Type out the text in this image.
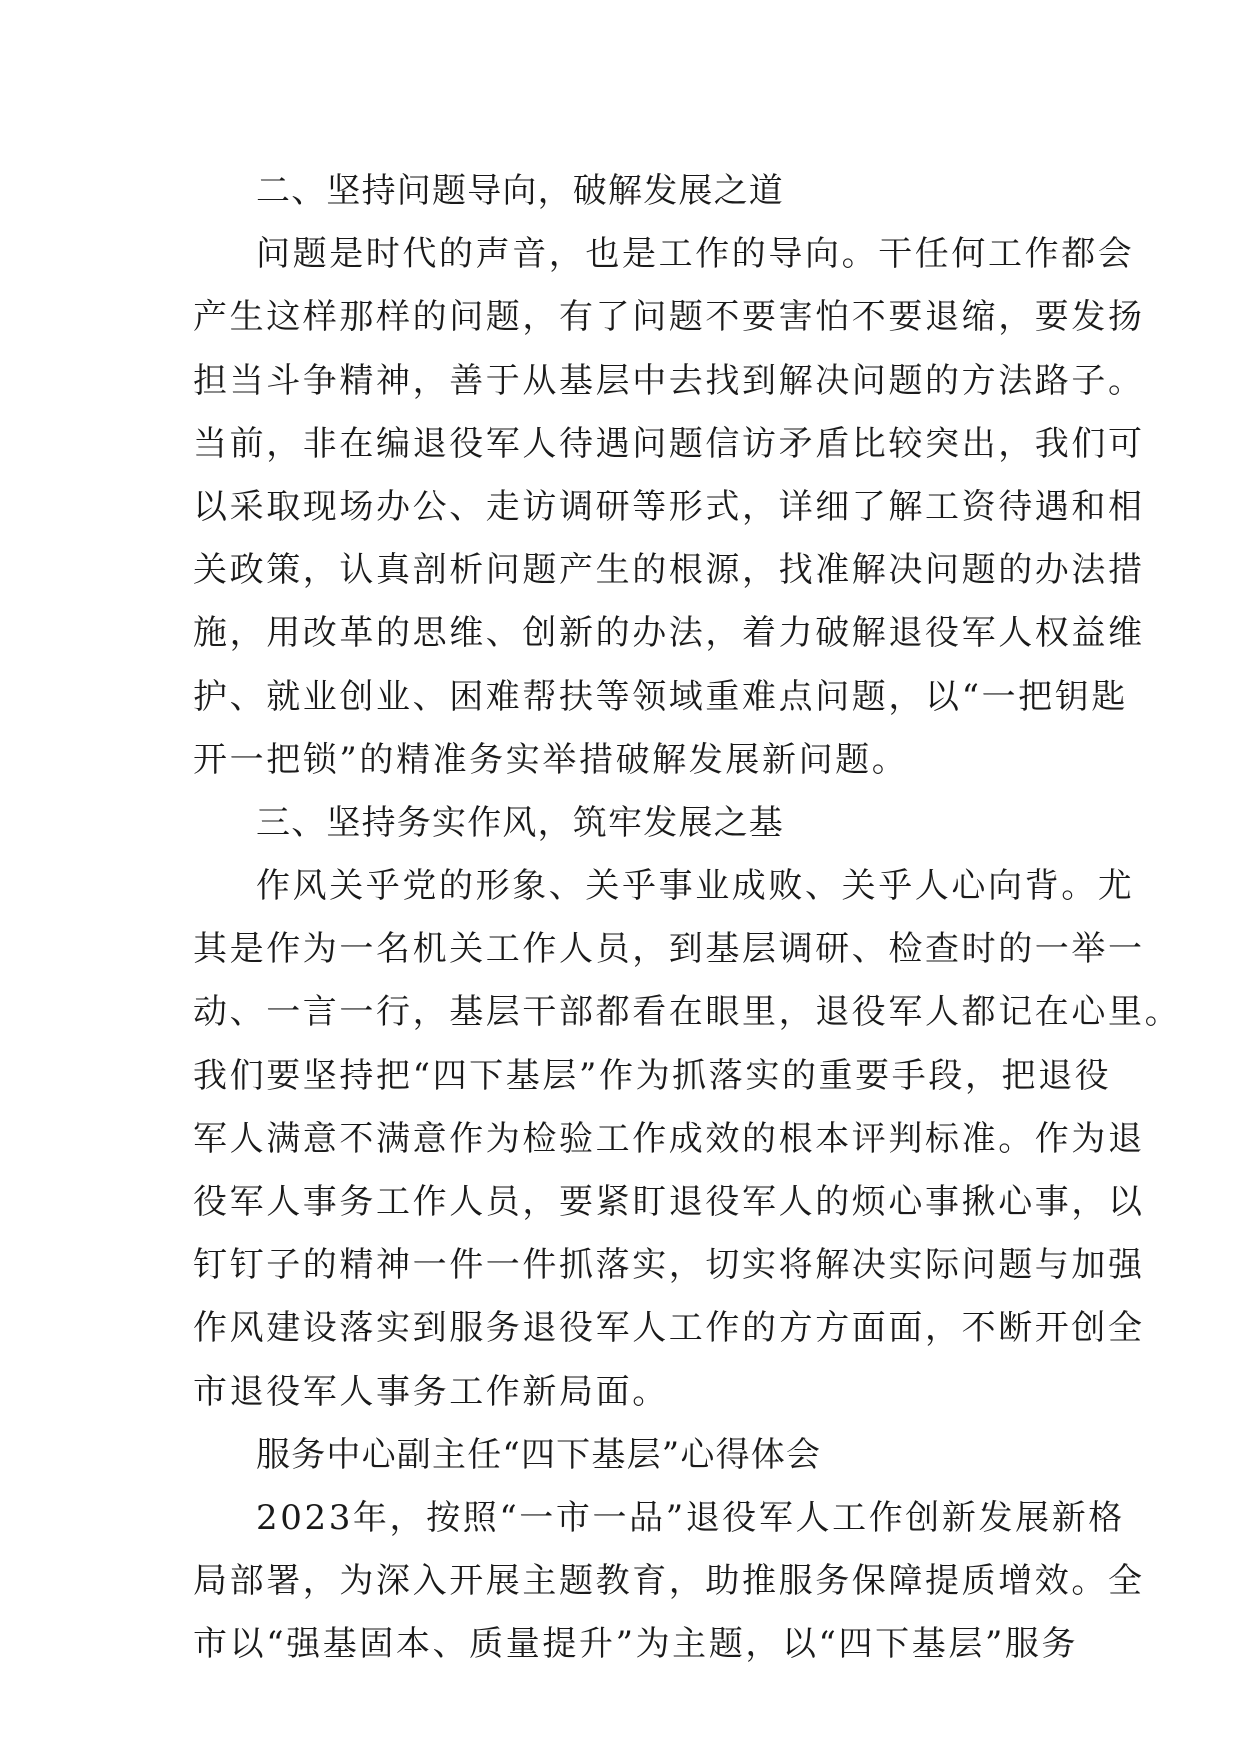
二、坚持问题导向，破解发展之道
问题是时代的声音，也是工作的导向。干任何工作都会
产生这样那样的问题，有了问题不要害怕不要退缩，要发扬
担当斗争精神，善于从基层中去找到解决问题的方法路子。
当前，非在编退役军人待遇问题信访矛盾比较突出，我们可
以采取现场办公、走访调研等形式，详细了解工资待遇和相
关政策，认真剖析问题产生的根源，找准解决问题的办法措
施，用改革的思维、创新的办法，着力破解退役军人权益维
护、就业创业、困难帮扶等领域重难点问题，以“一把钥匙
开一把锁”的精准务实举措破解发展新问题。
三、坚持务实作风，筑牢发展之基
作风关乎党的形象、关乎事业成败、关乎人心向背。尤
其是作为一名机关工作人员，到基层调研、检查时的一举一
动、一言一行，基层干部都看在眼里，退役军人都记在心里。
我们要坚持把“四下基层”作为抓落实的重要手段，把退役
军人满意不满意作为检验工作成效的根本评判标准。作为退
役军人事务工作人员，要紧盯退役军人的烦心事揪心事，以
钉钉子的精神一件一件抓落实，切实将解决实际问题与加强
作风建设落实到服务退役军人工作的方方面面，不断开创全
市退役军人事务工作新局面。
服务中心副主任“四下基层”心得体会
2023年，按照“一市一品”退役军人工作创新发展新格
局部署，为深入开展主题教育，助推服务保障提质增效。全
市以“强基固本、质量提升”为主题，以“四下基层”服务
